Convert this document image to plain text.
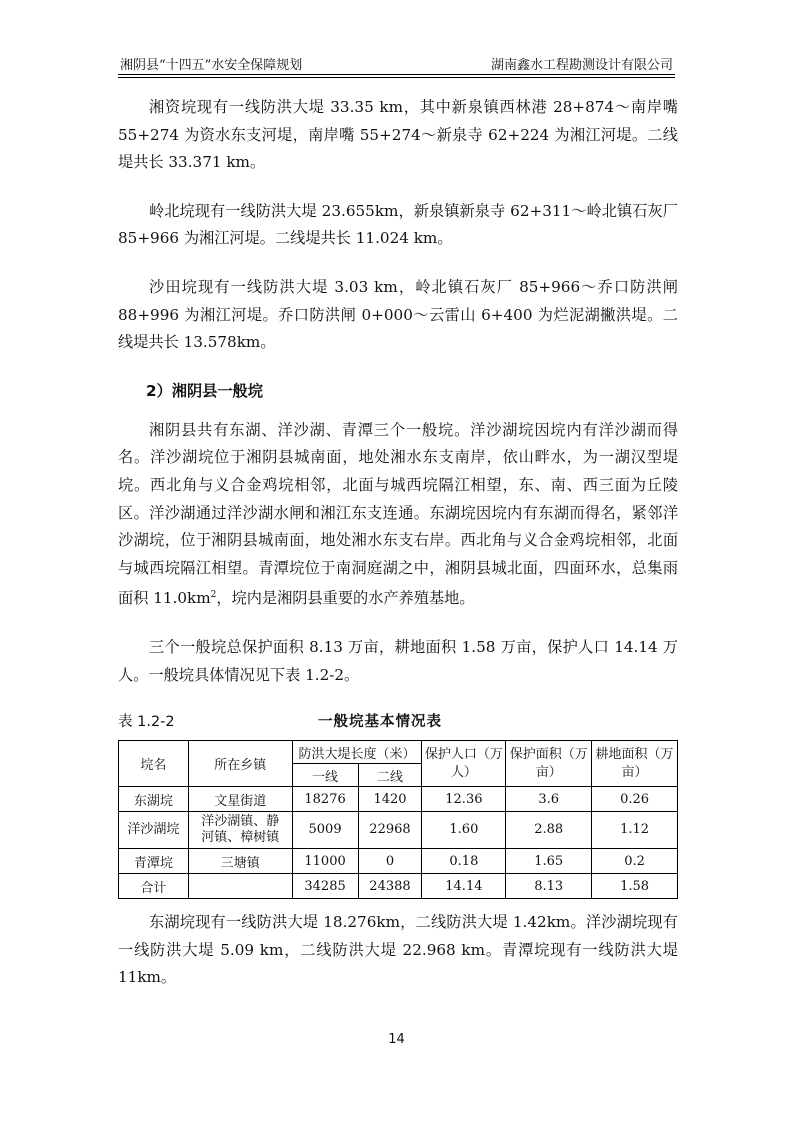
湘阴县“十四五”水安全保障规划	湖南鑫水工程勘测设计有限公司

湘资垸现有一线防洪大堤 33.35 km，其中新泉镇西林港 28+874～南岸嘴 55+274 为资水东支河堤，南岸嘴 55+274～新泉寺 62+224 为湘江河堤。二线堤共长 33.371 km。

岭北垸现有一线防洪大堤 23.655km，新泉镇新泉寺 62+311～岭北镇石灰厂 85+966 为湘江河堤。二线堤共长 11.024 km。

沙田垸现有一线防洪大堤 3.03 km，岭北镇石灰厂 85+966～乔口防洪闸 88+996 为湘江河堤。乔口防洪闸 0+000～云雷山 6+400 为烂泥湖撇洪堤。二线堤共长 13.578km。

2）湘阴县一般垸

湘阴县共有东湖、洋沙湖、青潭三个一般垸。洋沙湖垸因垸内有洋沙湖而得名。洋沙湖垸位于湘阴县城南面，地处湘水东支南岸，依山畔水，为一湖汉型堤垸。西北角与义合金鸡垸相邻，北面与城西垸隔江相望，东、南、西三面为丘陵区。洋沙湖通过洋沙湖水闸和湘江东支连通。东湖垸因垸内有东湖而得名，紧邻洋沙湖垸，位于湘阴县城南面，地处湘水东支右岸。西北角与义合金鸡垸相邻，北面与城西垸隔江相望。青潭垸位于南洞庭湖之中，湘阴县城北面，四面环水，总集雨面积 $11.0km^2$，垸内是湘阴县重要的水产养殖基地。

三个一般垸总保护面积 8.13 万亩，耕地面积 1.58 万亩，保护人口 14.14 万人。一般垸具体情况见下表 1.2-2。

表 1.2-2	一般垸基本情况表
垸名	所在乡镇	防洪大堤长度（米）		保护人口（万人）	保护面积（万亩）	耕地面积（万亩）
		一线	二线			
东湖垸	文星街道	18276	1420	12.36	3.6	0.26
洋沙湖垸	洋沙湖镇、静河镇、樟树镇	5009	22968	1.60	2.88	1.12
青潭垸	三塘镇	11000	0	0.18	1.65	0.2
合计		34285	24388	14.14	8.13	1.58

东湖垸现有一线防洪大堤 18.276km，二线防洪大堤 1.42km。洋沙湖垸现有一线防洪大堤 5.09 km，二线防洪大堤 22.968 km。青潭垸现有一线防洪大堤 11km。

14
